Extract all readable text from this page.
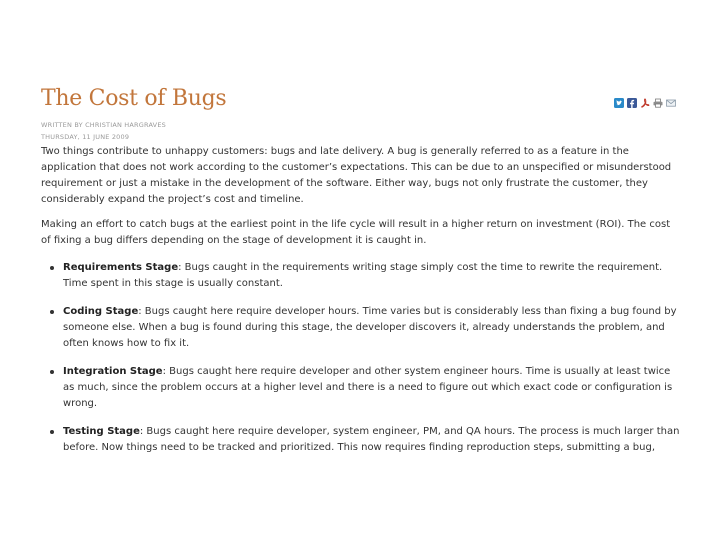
The Cost of Bugs
WRITTEN BY CHRISTIAN HARGRAVES
THURSDAY, 11 JUNE 2009

Two things contribute to unhappy customers: bugs and late delivery. A bug is generally referred to as a feature in the application that does not work according to the customer’s expectations. This can be due to an unspecified or misunderstood requirement or just a mistake in the development of the software. Either way, bugs not only frustrate the customer, they considerably expand the project’s cost and timeline.

Making an effort to catch bugs at the earliest point in the life cycle will result in a higher return on investment (ROI). The cost of fixing a bug differs depending on the stage of development it is caught in.

Requirements Stage: Bugs caught in the requirements writing stage simply cost the time to rewrite the requirement. Time spent in this stage is usually constant.
Coding Stage: Bugs caught here require developer hours. Time varies but is considerably less than fixing a bug found by someone else. When a bug is found during this stage, the developer discovers it, already understands the problem, and often knows how to fix it.
Integration Stage: Bugs caught here require developer and other system engineer hours. Time is usually at least twice as much, since the problem occurs at a higher level and there is a need to figure out which exact code or configuration is wrong.
Testing Stage: Bugs caught here require developer, system engineer, PM, and QA hours. The process is much larger than before. Now things need to be tracked and prioritized. This now requires finding reproduction steps, submitting a bug,
